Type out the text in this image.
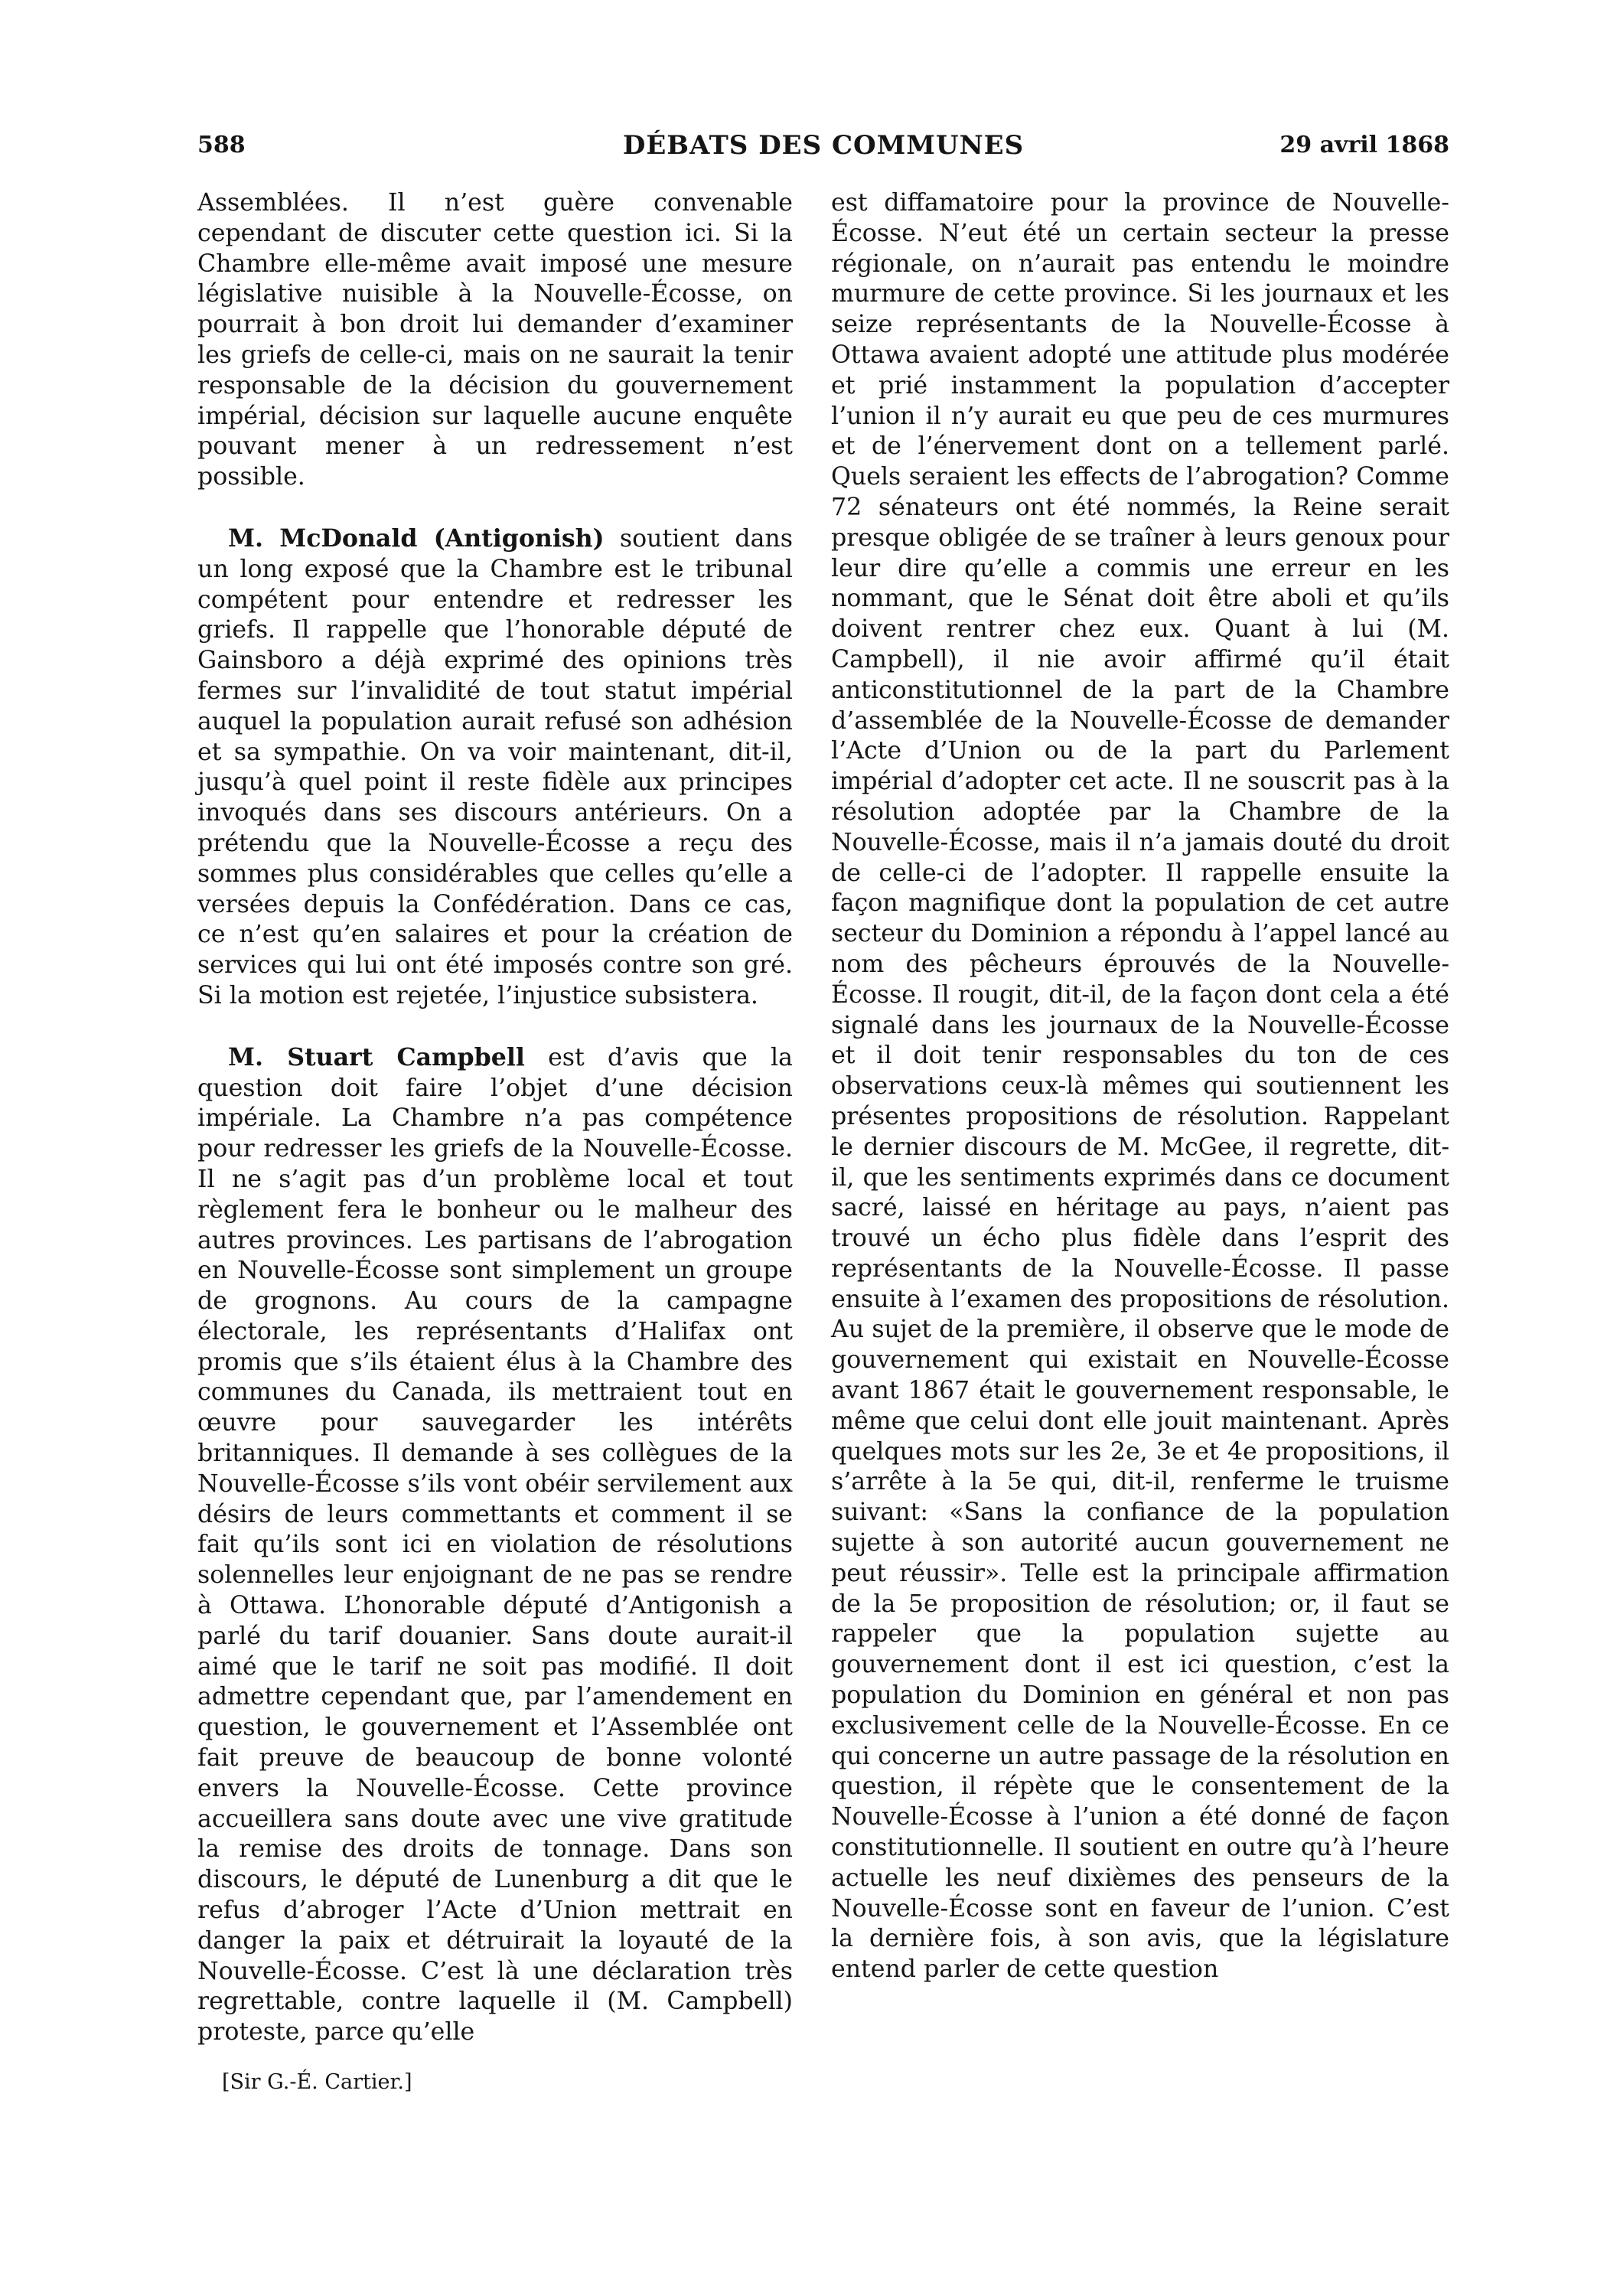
588	DÉBATS DES COMMUNES	29 avril 1868

Assemblées. Il n’est guère convenable cependant de discuter cette question ici. Si la Chambre elle-même avait imposé une mesure législative nuisible à la Nouvelle-Écosse, on pourrait à bon droit lui demander d’examiner les griefs de celle-ci, mais on ne saurait la tenir responsable de la décision du gouvernement impérial, décision sur laquelle aucune enquête pouvant mener à un redressement n’est possible.

M. McDonald (Antigonish) soutient dans un long exposé que la Chambre est le tribunal compétent pour entendre et redresser les griefs. Il rappelle que l’honorable député de Gainsboro a déjà exprimé des opinions très fermes sur l’invalidité de tout statut impérial auquel la population aurait refusé son adhésion et sa sympathie. On va voir maintenant, dit-il, jusqu’à quel point il reste fidèle aux principes invoqués dans ses discours antérieurs. On a prétendu que la Nouvelle-Écosse a reçu des sommes plus considérables que celles qu’elle a versées depuis la Confédération. Dans ce cas, ce n’est qu’en salaires et pour la création de services qui lui ont été imposés contre son gré. Si la motion est rejetée, l’injustice subsistera.

M. Stuart Campbell est d’avis que la question doit faire l’objet d’une décision impériale. La Chambre n’a pas compétence pour redresser les griefs de la Nouvelle-Écosse. Il ne s’agit pas d’un problème local et tout règlement fera le bonheur ou le malheur des autres provinces. Les partisans de l’abrogation en Nouvelle-Écosse sont simplement un groupe de grognons. Au cours de la campagne électorale, les représentants d’Halifax ont promis que s’ils étaient élus à la Chambre des communes du Canada, ils mettraient tout en œuvre pour sauvegarder les intérêts britanniques. Il demande à ses collègues de la Nouvelle-Écosse s’ils vont obéir servilement aux désirs de leurs commettants et comment il se fait qu’ils sont ici en violation de résolutions solennelles leur enjoignant de ne pas se rendre à Ottawa. L’honorable député d’Antigonish a parlé du tarif douanier. Sans doute aurait-il aimé que le tarif ne soit pas modifié. Il doit admettre cependant que, par l’amendement en question, le gouvernement et l’Assemblée ont fait preuve de beaucoup de bonne volonté envers la Nouvelle-Écosse. Cette province accueillera sans doute avec une vive gratitude la remise des droits de tonnage. Dans son discours, le député de Lunenburg a dit que le refus d’abroger l’Acte d’Union mettrait en danger la paix et détruirait la loyauté de la Nouvelle-Écosse. C’est là une déclaration très regrettable, contre laquelle il (M. Campbell) proteste, parce qu’elle

est diffamatoire pour la province de Nouvelle-Écosse. N’eut été un certain secteur la presse régionale, on n’aurait pas entendu le moindre murmure de cette province. Si les journaux et les seize représentants de la Nouvelle-Écosse à Ottawa avaient adopté une attitude plus modérée et prié instamment la population d’accepter l’union il n’y aurait eu que peu de ces murmures et de l’énervement dont on a tellement parlé. Quels seraient les effects de l’abrogation? Comme 72 sénateurs ont été nommés, la Reine serait presque obligée de se traîner à leurs genoux pour leur dire qu’elle a commis une erreur en les nommant, que le Sénat doit être aboli et qu’ils doivent rentrer chez eux. Quant à lui (M. Campbell), il nie avoir affirmé qu’il était anticonstitutionnel de la part de la Chambre d’assemblée de la Nouvelle-Écosse de demander l’Acte d’Union ou de la part du Parlement impérial d’adopter cet acte. Il ne souscrit pas à la résolution adoptée par la Chambre de la Nouvelle-Écosse, mais il n’a jamais douté du droit de celle-ci de l’adopter. Il rappelle ensuite la façon magnifique dont la population de cet autre secteur du Dominion a répondu à l’appel lancé au nom des pêcheurs éprouvés de la Nouvelle-Écosse. Il rougit, dit-il, de la façon dont cela a été signalé dans les journaux de la Nouvelle-Écosse et il doit tenir responsables du ton de ces observations ceux-là mêmes qui soutiennent les présentes propositions de résolution. Rappelant le dernier discours de M. McGee, il regrette, dit-il, que les sentiments exprimés dans ce document sacré, laissé en héritage au pays, n’aient pas trouvé un écho plus fidèle dans l’esprit des représentants de la Nouvelle-Écosse. Il passe ensuite à l’examen des propositions de résolution. Au sujet de la première, il observe que le mode de gouvernement qui existait en Nouvelle-Écosse avant 1867 était le gouvernement responsable, le même que celui dont elle jouit maintenant. Après quelques mots sur les 2e, 3e et 4e propositions, il s’arrête à la 5e qui, dit-il, renferme le truisme suivant: «Sans la confiance de la population sujette à son autorité aucun gouvernement ne peut réussir». Telle est la principale affirmation de la 5e proposition de résolution; or, il faut se rappeler que la population sujette au gouvernement dont il est ici question, c’est la population du Dominion en général et non pas exclusivement celle de la Nouvelle-Écosse. En ce qui concerne un autre passage de la résolution en question, il répète que le consentement de la Nouvelle-Écosse à l’union a été donné de façon constitutionnelle. Il soutient en outre qu’à l’heure actuelle les neuf dixièmes des penseurs de la Nouvelle-Écosse sont en faveur de l’union. C’est la dernière fois, à son avis, que la législature entend parler de cette question

[Sir G.-É. Cartier.]
